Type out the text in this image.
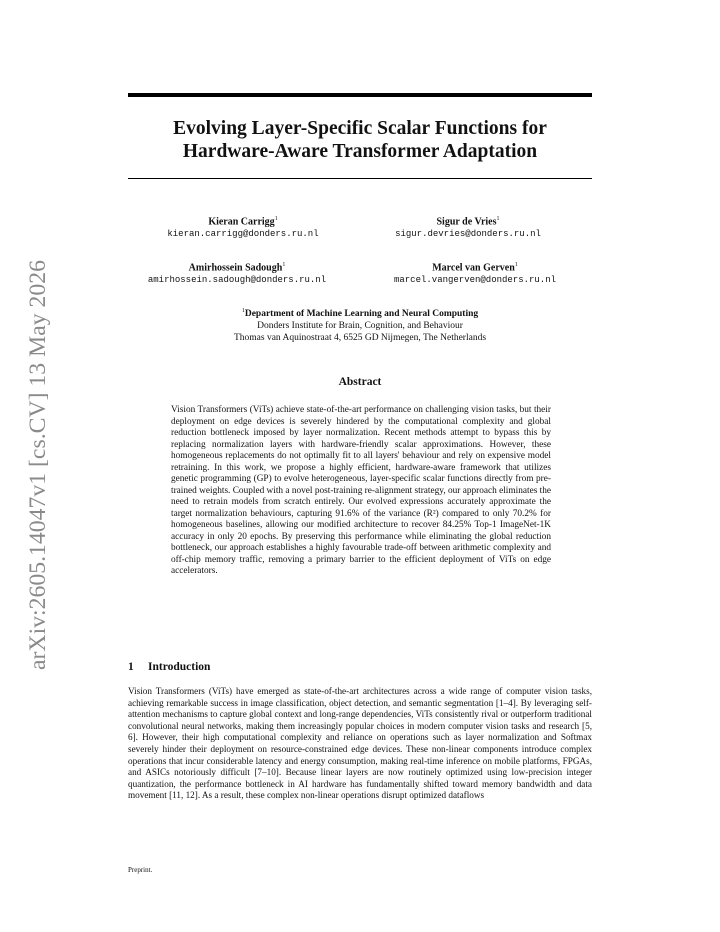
arXiv:2605.14047v1 [cs.CV] 13 May 2026
Evolving Layer-Specific Scalar Functions for
Hardware-Aware Transformer Adaptation
Kieran Carrigg$^1$
kieran.carrigg@donders.ru.nl
Sigur de Vries$^1$
sigur.devries@donders.ru.nl
Amirhossein Sadough$^1$
amirhossein.sadough@donders.ru.nl
Marcel van Gerven$^1$
marcel.vangerven@donders.ru.nl
$^1$Department of Machine Learning and Neural Computing
Donders Institute for Brain, Cognition, and Behaviour
Thomas van Aquinostraat 4, 6525 GD Nijmegen, The Netherlands
Abstract
Vision Transformers (ViTs) achieve state-of-the-art performance on challenging vision tasks, but their deployment on edge devices is severely hindered by the computational complexity and global reduction bottleneck imposed by layer normalization. Recent methods attempt to bypass this by replacing normalization layers with hardware-friendly scalar approximations. However, these homogeneous replacements do not optimally fit to all layers' behaviour and rely on expensive model retraining. In this work, we propose a highly efficient, hardware-aware framework that utilizes genetic programming (GP) to evolve heterogeneous, layer-specific scalar functions directly from pre-trained weights. Coupled with a novel post-training re-alignment strategy, our approach eliminates the need to retrain models from scratch entirely. Our evolved expressions accurately approximate the target normalization behaviours, capturing 91.6% of the variance (R²) compared to only 70.2% for homogeneous baselines, allowing our modified architecture to recover 84.25% Top-1 ImageNet-1K accuracy in only 20 epochs. By preserving this performance while eliminating the global reduction bottleneck, our approach establishes a highly favourable trade-off between arithmetic complexity and off-chip memory traffic, removing a primary barrier to the efficient deployment of ViTs on edge accelerators.
1 Introduction
Vision Transformers (ViTs) have emerged as state-of-the-art architectures across a wide range of computer vision tasks, achieving remarkable success in image classification, object detection, and semantic segmentation [1–4]. By leveraging self-attention mechanisms to capture global context and long-range dependencies, ViTs consistently rival or outperform traditional convolutional neural networks, making them increasingly popular choices in modern computer vision tasks and research [5, 6]. However, their high computational complexity and reliance on operations such as layer normalization and Softmax severely hinder their deployment on resource-constrained edge devices. These non-linear components introduce complex operations that incur considerable latency and energy consumption, making real-time inference on mobile platforms, FPGAs, and ASICs notoriously difficult [7–10]. Because linear layers are now routinely optimized using low-precision integer quantization, the performance bottleneck in AI hardware has fundamentally shifted toward memory bandwidth and data movement [11, 12]. As a result, these complex non-linear operations disrupt optimized dataflows
Preprint.
